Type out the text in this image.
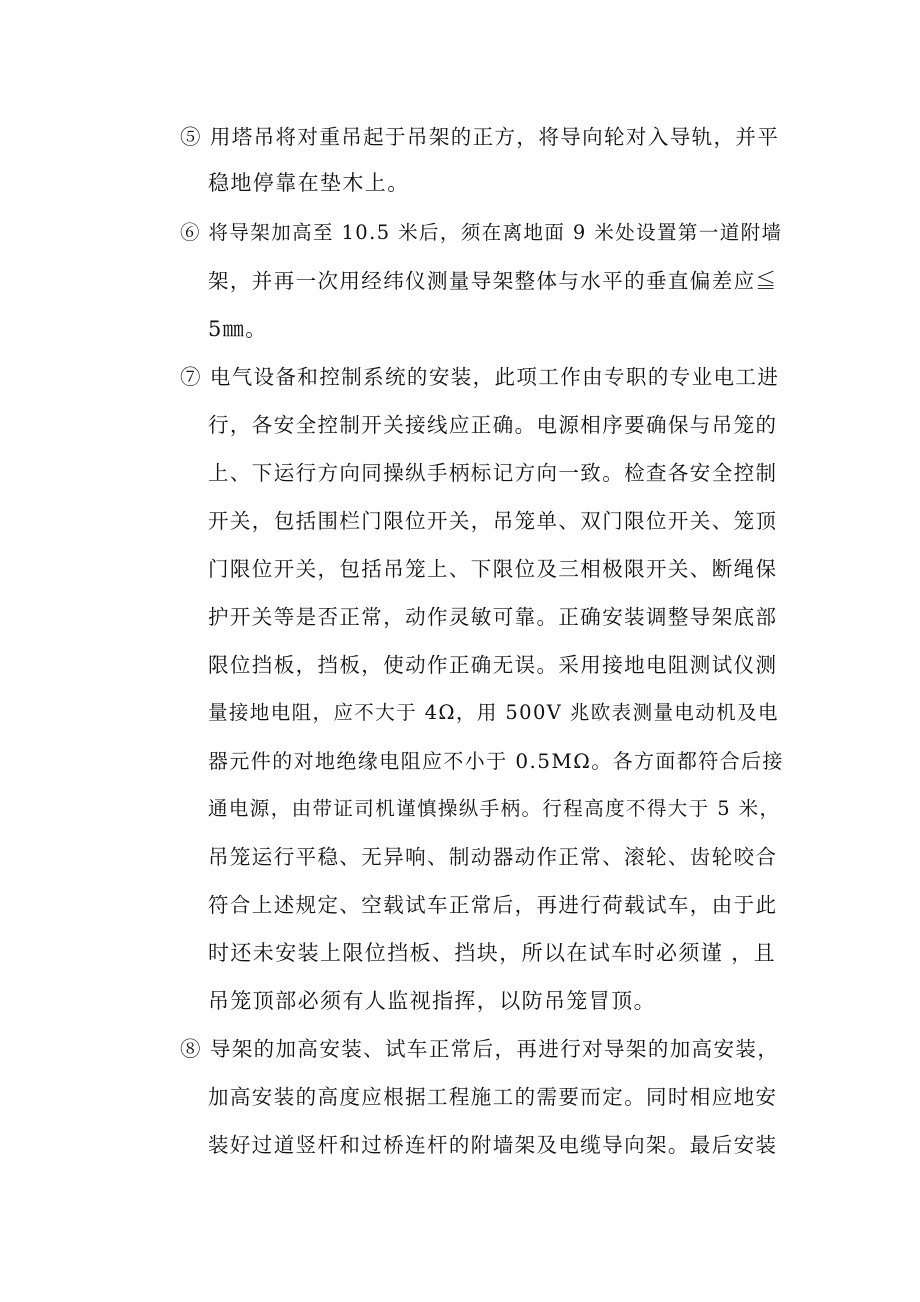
⑤ 用塔吊将对重吊起于吊架的正方，将导向轮对入导轨，并平
稳地停靠在垫木上。
⑥ 将导架加高至 10.5 米后，须在离地面 9 米处设置第一道附墙
架，并再一次用经纬仪测量导架整体与水平的垂直偏差应≦
5㎜。
⑦ 电气设备和控制系统的安装，此项工作由专职的专业电工进
行，各安全控制开关接线应正确。电源相序要确保与吊笼的
上、下运行方向同操纵手柄标记方向一致。检查各安全控制
开关，包括围栏门限位开关，吊笼单、双门限位开关、笼顶
门限位开关，包括吊笼上、下限位及三相极限开关、断绳保
护开关等是否正常，动作灵敏可靠。正确安装调整导架底部
限位挡板，挡板，使动作正确无误。采用接地电阻测试仪测
量接地电阻，应不大于 4Ω，用 500V 兆欧表测量电动机及电
器元件的对地绝缘电阻应不小于 0.5MΩ。各方面都符合后接
通电源，由带证司机谨慎操纵手柄。行程高度不得大于 5 米，
吊笼运行平稳、无异响、制动器动作正常、滚轮、齿轮咬合
符合上述规定、空载试车正常后，再进行荷载试车，由于此
时还未安装上限位挡板、挡块，所以在试车时必须谨 ，且
吊笼顶部必须有人监视指挥，以防吊笼冒顶。
⑧ 导架的加高安装、试车正常后，再进行对导架的加高安装，
加高安装的高度应根据工程施工的需要而定。同时相应地安
装好过道竖杆和过桥连杆的附墙架及电缆导向架。最后安装
